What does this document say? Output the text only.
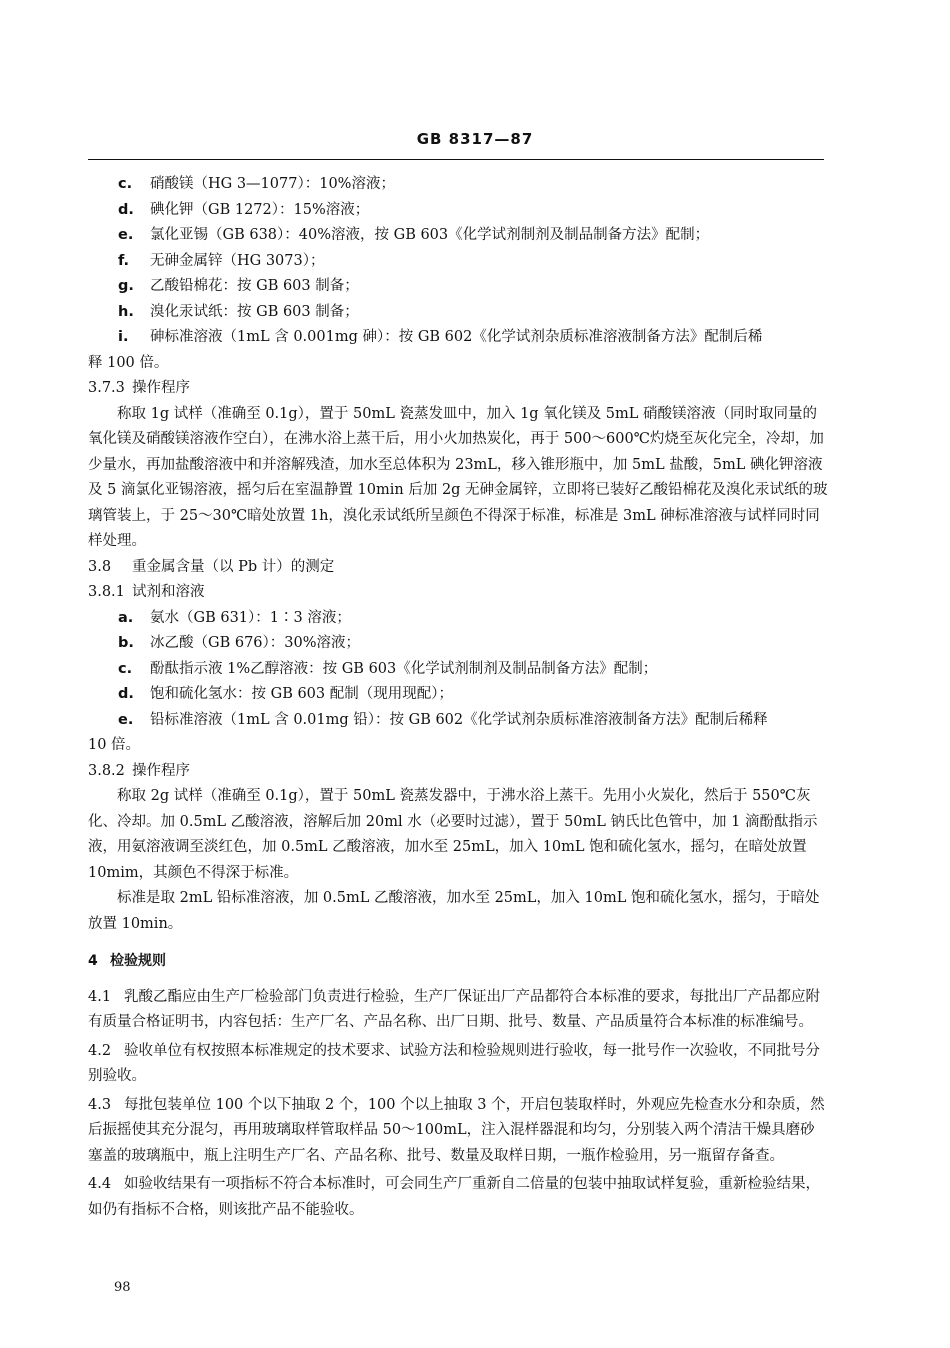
GB 8317—87

c. 硝酸镁（HG 3—1077）：10%溶液；

d. 碘化钾（GB 1272）：15%溶液；

e. 氯化亚锡（GB 638）：40%溶液，按 GB 603《化学试剂制剂及制品制备方法》配制；

f. 无砷金属锌（HG 3073）；

g. 乙酸铅棉花：按 GB 603 制备；

h. 溴化汞试纸：按 GB 603 制备；

i. 砷标准溶液（1mL 含 0.001mg 砷）：按 GB 602《化学试剂杂质标准溶液制备方法》配制后稀

释 100 倍。

3.7.3 操作程序

称取 1g 试样（准确至 0.1g），置于 50mL 瓷蒸发皿中，加入 1g 氧化镁及 5mL 硝酸镁溶液（同时取同量的氧化镁及硝酸镁溶液作空白），在沸水浴上蒸干后，用小火加热炭化，再于 500～600℃灼烧至灰化完全，冷却，加少量水，再加盐酸溶液中和并溶解残渣，加水至总体积为 23mL，移入锥形瓶中，加 5mL 盐酸，5mL 碘化钾溶液及 5 滴氯化亚锡溶液，摇匀后在室温静置 10min 后加 2g 无砷金属锌，立即将已装好乙酸铅棉花及溴化汞试纸的玻璃管装上，于 25～30℃暗处放置 1h，溴化汞试纸所呈颜色不得深于标准，标准是 3mL 砷标准溶液与试样同时同样处理。

3.8 重金属含量（以 Pb 计）的测定

3.8.1 试剂和溶液

a. 氨水（GB 631）：1∶3 溶液；

b. 冰乙酸（GB 676）：30%溶液；

c. 酚酞指示液 1%乙醇溶液：按 GB 603《化学试剂制剂及制品制备方法》配制；

d. 饱和硫化氢水：按 GB 603 配制（现用现配）；

e. 铅标准溶液（1mL 含 0.01mg 铅）：按 GB 602《化学试剂杂质标准溶液制备方法》配制后稀释

10 倍。

3.8.2 操作程序

称取 2g 试样（准确至 0.1g），置于 50mL 瓷蒸发器中，于沸水浴上蒸干。先用小火炭化，然后于 550℃灰化、冷却。加 0.5mL 乙酸溶液，溶解后加 20ml 水（必要时过滤），置于 50mL 钠氏比色管中，加 1 滴酚酞指示液，用氨溶液调至淡红色，加 0.5mL 乙酸溶液，加水至 25mL，加入 10mL 饱和硫化氢水，摇匀，在暗处放置 10mim，其颜色不得深于标准。

标准是取 2mL 铅标准溶液，加 0.5mL 乙酸溶液，加水至 25mL，加入 10mL 饱和硫化氢水，摇匀，于暗处放置 10min。

4 检验规则

4.1 乳酸乙酯应由生产厂检验部门负责进行检验，生产厂保证出厂产品都符合本标准的要求，每批出厂产品都应附有质量合格证明书，内容包括：生产厂名、产品名称、出厂日期、批号、数量、产品质量符合本标准的标准编号。

4.2 验收单位有权按照本标准规定的技术要求、试验方法和检验规则进行验收，每一批号作一次验收，不同批号分别验收。

4.3 每批包装单位 100 个以下抽取 2 个，100 个以上抽取 3 个，开启包装取样时，外观应先检查水分和杂质，然后振摇使其充分混匀，再用玻璃取样管取样品 50～100mL，注入混样器混和均匀，分别装入两个清洁干燥具磨砂塞盖的玻璃瓶中，瓶上注明生产厂名、产品名称、批号、数量及取样日期，一瓶作检验用，另一瓶留存备查。

4.4 如验收结果有一项指标不符合本标准时，可会同生产厂重新自二倍量的包装中抽取试样复验，重新检验结果，如仍有指标不合格，则该批产品不能验收。

98
